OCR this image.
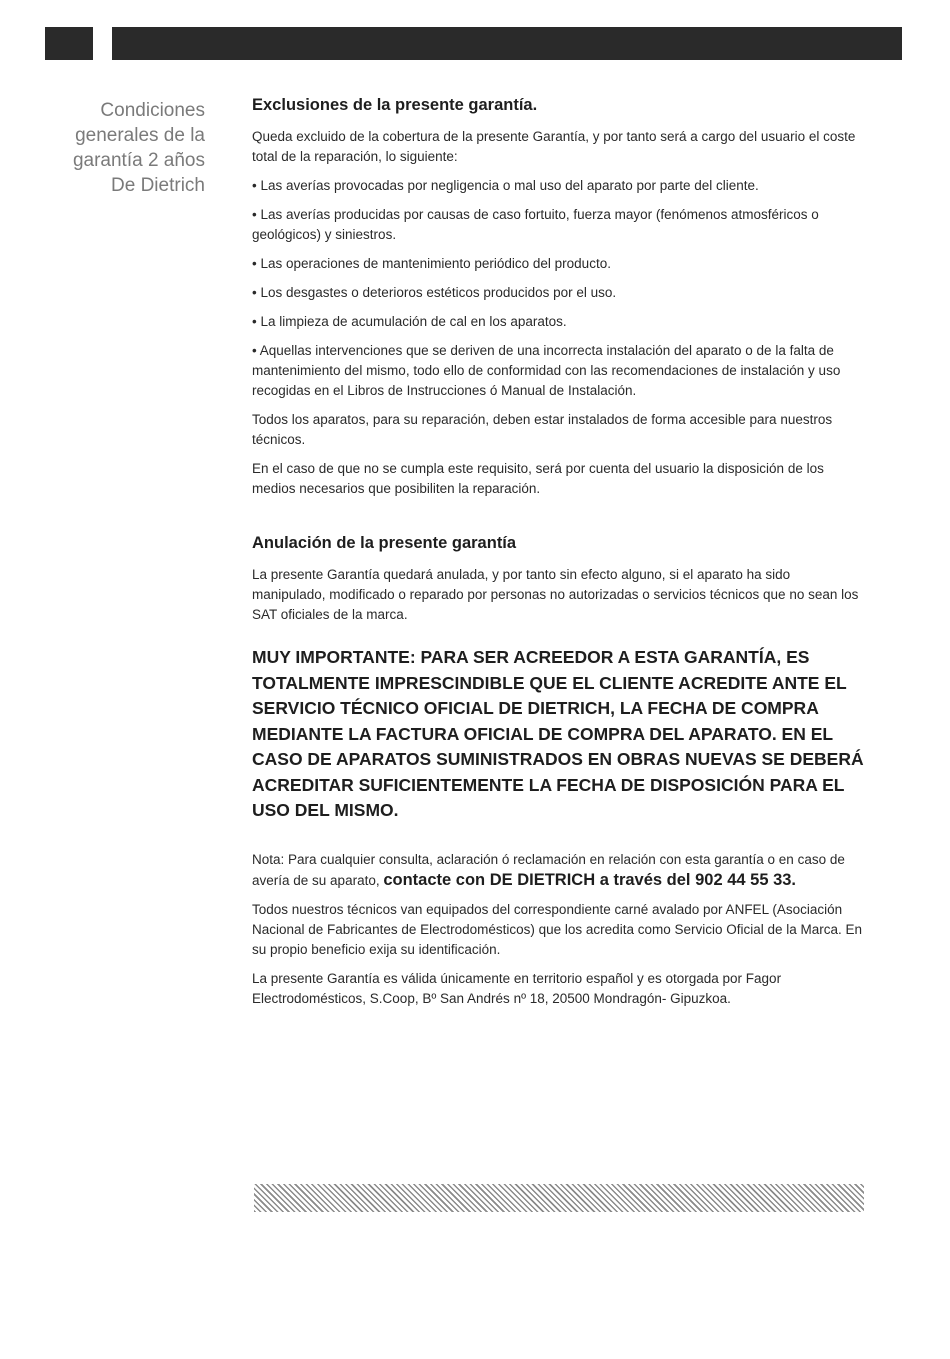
Condiciones
generales de la
garantía 2 años
De Dietrich
Exclusiones de la presente garantía.

Queda excluido de la cobertura de la presente Garantía, y por tanto será a cargo del usuario el coste total de la reparación, lo siguiente:

• Las averías provocadas por negligencia o mal uso del aparato por parte del cliente.

• Las averías producidas por causas de caso fortuito, fuerza mayor (fenómenos atmosféricos o geológicos) y siniestros.

• Las operaciones de mantenimiento periódico del producto.

• Los desgastes o deterioros estéticos producidos por el uso.

• La limpieza de acumulación de cal en los aparatos.

• Aquellas intervenciones que se deriven de una incorrecta instalación del aparato o de la falta de mantenimiento del mismo, todo ello de conformidad con las recomendaciones de instalación y uso recogidas en el Libros de Instrucciones ó Manual de Instalación.

Todos los aparatos, para su reparación, deben estar instalados de forma accesible para nuestros técnicos.

En el caso de que no se cumpla este requisito, será por cuenta del usuario la disposición de los medios necesarios que posibiliten la reparación.

Anulación de la presente garantía

La presente Garantía quedará anulada, y por tanto sin efecto alguno, si el aparato ha sido manipulado, modificado o reparado por personas no autorizadas o servicios técnicos que no sean los SAT oficiales de la marca.

MUY IMPORTANTE: PARA SER ACREEDOR A ESTA GARANTÍA, ES TOTALMENTE IMPRESCINDIBLE QUE EL CLIENTE ACREDITE ANTE EL SERVICIO TÉCNICO OFICIAL DE DIETRICH, LA FECHA DE COMPRA MEDIANTE LA FACTURA OFICIAL DE COMPRA DEL APARATO. EN EL CASO DE APARATOS SUMINISTRADOS EN OBRAS NUEVAS SE DEBERÁ ACREDITAR SUFICIENTEMENTE LA FECHA DE DISPOSICIÓN PARA EL USO DEL MISMO.

Nota: Para cualquier consulta, aclaración ó reclamación en relación con esta garantía o en caso de avería de su aparato, contacte con DE DIETRICH a través del 902 44 55 33.

Todos nuestros técnicos van equipados del correspondiente carné avalado por ANFEL (Asociación Nacional de Fabricantes de Electrodomésticos) que los acredita como Servicio Oficial de la Marca. En su propio beneficio exija su identificación.

La presente Garantía es válida únicamente en territorio español y es otorgada por Fagor Electrodomésticos, S.Coop, Bº San Andrés nº 18, 20500 Mondragón- Gipuzkoa.
